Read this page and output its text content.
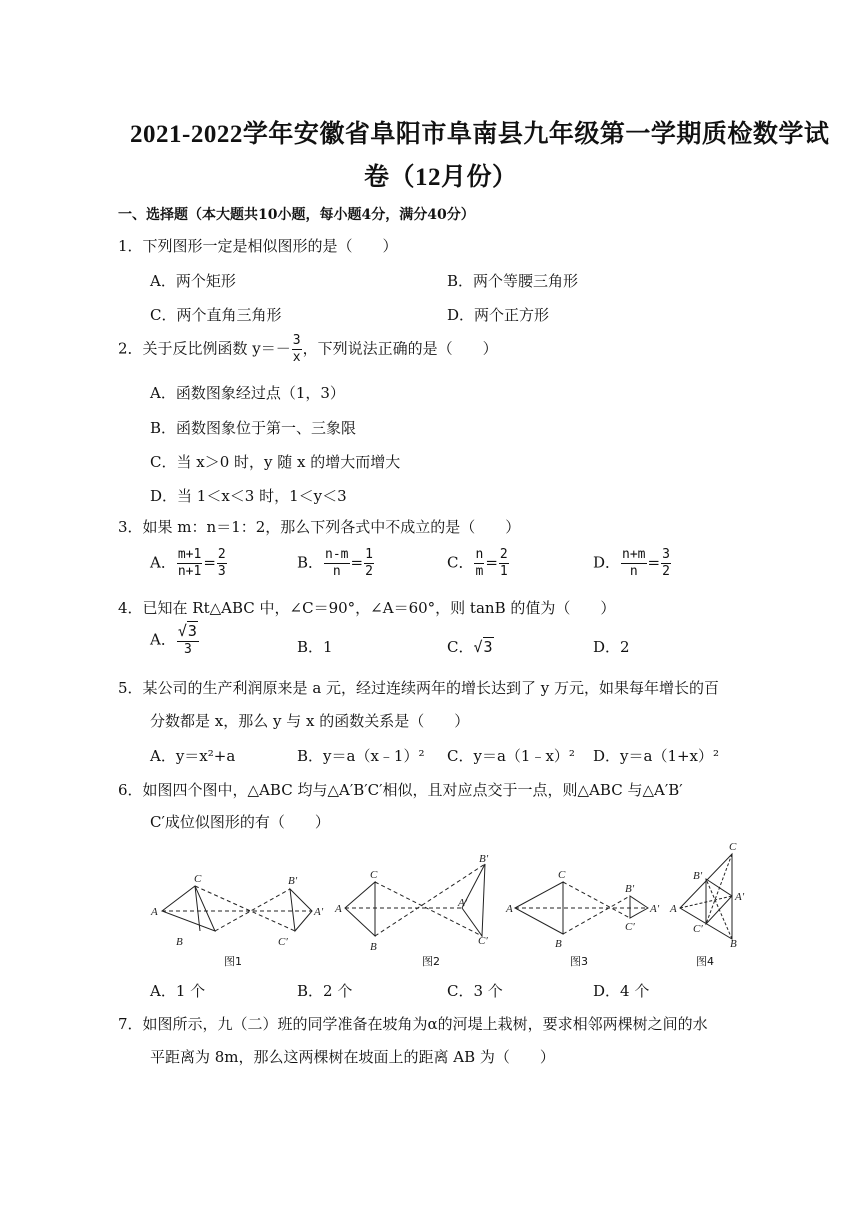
2021-2022学年安徽省阜阳市阜南县九年级第一学期质检数学试
卷（12月份）
一、选择题（本大题共10小题，每小题4分，满分40分）
1．下列图形一定是相似图形的是（　　）
A．两个矩形	B．两个等腰三角形
C．两个直角三角形	D．两个正方形
2．关于反比例函数 $y=- \frac{3}{x}$ ，下列说法正确的是（　　）
A．函数图象经过点（1，3）
B．函数图象位于第一、三象限
C．当 x＞0 时，y 随 x 的增大而增大
D．当 1＜x＜3 时，1＜y＜3
3．如果 m：n＝1：2，那么下列各式中不成立的是（　　）
A． $\frac{m+1}{n+1} = \frac{2}{3}$	B． $\frac{n-m}{n} = \frac{1}{2}$	C． $\frac{n}{m} = \frac{2}{1}$	D． $\frac{n+m}{n} = \frac{3}{2}$
4．已知在 Rt△ABC 中，∠C＝90°，∠A＝60°，则 tanB 的值为（　　）
A． $\frac{√3}{3}$	B．1	C．√3	D．2
5．某公司的生产利润原来是 a 元，经过连续两年的增长达到了 y 万元，如果每年增长的百
分数都是 x，那么 y 与 x 的函数关系是（　　）
A．y＝x²+a	B．y＝a（x﹣1）² C．y＝a（1﹣x）² D．y＝a（1+x）²
6．如图四个图中，△ABC 均与△A′B′C′相似，且对应点交于一点，则△ABC 与△A′B′
C′成位似图形的有（　　）
A
C
B
B′
A′
C′
A
C
B
B′
A′
C′
A
C
B
B′
A′
C′
A
C
B
B′
A′
C′
图1	图2	图3	图4
A．1 个	B．2 个	C．3 个	D．4 个
7．如图所示，九（二）班的同学准备在坡角为α的河堤上栽树，要求相邻两棵树之间的水
平距离为 8m，那么这两棵树在坡面上的距离 AB 为（　　）
